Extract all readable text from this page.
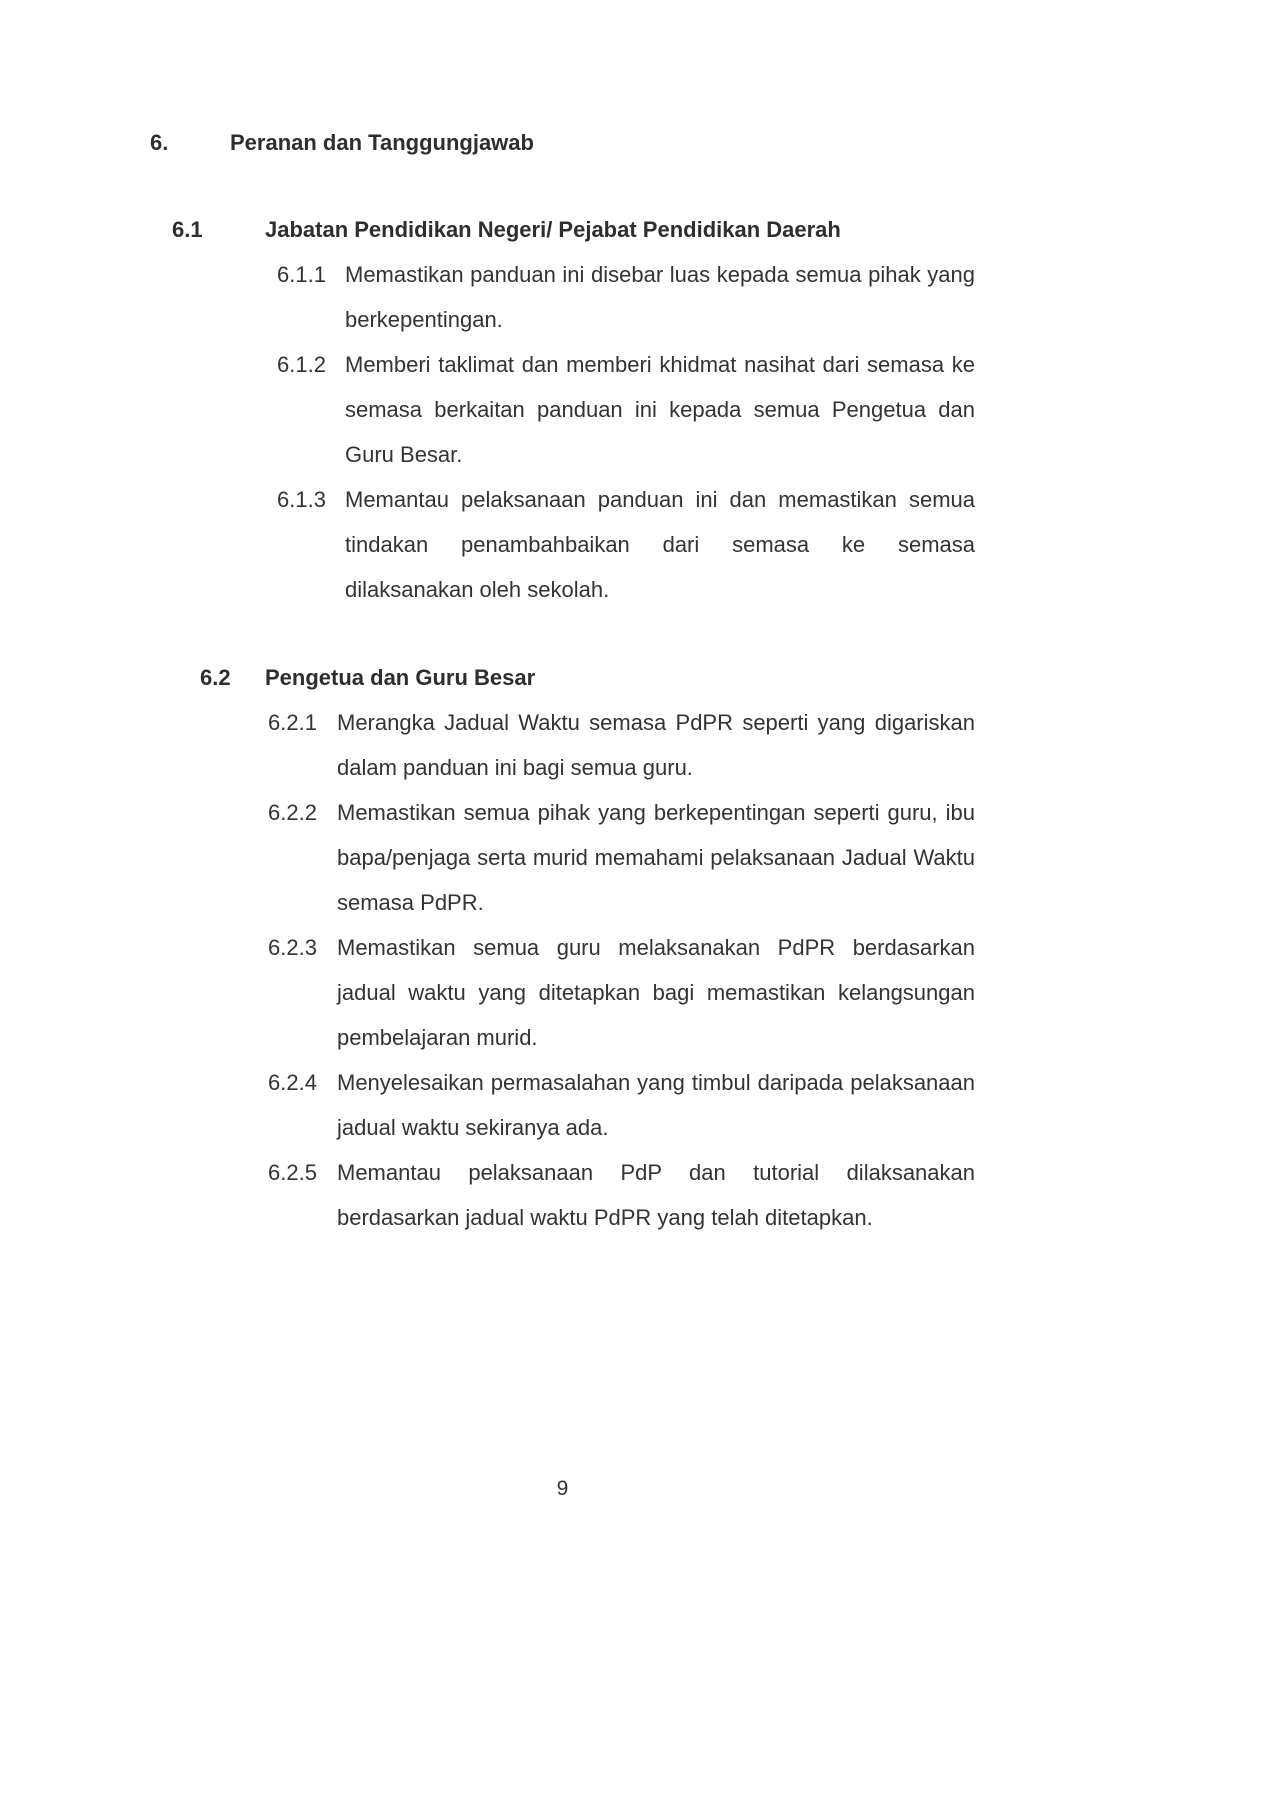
6.	Peranan dan Tanggungjawab
6.1	Jabatan Pendidikan Negeri/ Pejabat Pendidikan Daerah

6.1.1 Memastikan panduan ini disebar luas kepada semua pihak yang berkepentingan.

6.1.2 Memberi taklimat dan memberi khidmat nasihat dari semasa ke semasa berkaitan panduan ini kepada semua Pengetua dan Guru Besar.

6.1.3 Memantau pelaksanaan panduan ini dan memastikan semua tindakan penambahbaikan dari semasa ke semasa dilaksanakan oleh sekolah.

6.2 Pengetua dan Guru Besar

6.2.1 Merangka Jadual Waktu semasa PdPR seperti yang digariskan dalam panduan ini bagi semua guru.

6.2.2 Memastikan semua pihak yang berkepentingan seperti guru, ibu bapa/penjaga serta murid memahami pelaksanaan Jadual Waktu semasa PdPR.

6.2.3 Memastikan semua guru melaksanakan PdPR berdasarkan jadual waktu yang ditetapkan bagi memastikan kelangsungan pembelajaran murid.

6.2.4 Menyelesaikan permasalahan yang timbul daripada pelaksanaan jadual waktu sekiranya ada.

6.2.5 Memantau pelaksanaan PdP dan tutorial dilaksanakan berdasarkan jadual waktu PdPR yang telah ditetapkan.

9
